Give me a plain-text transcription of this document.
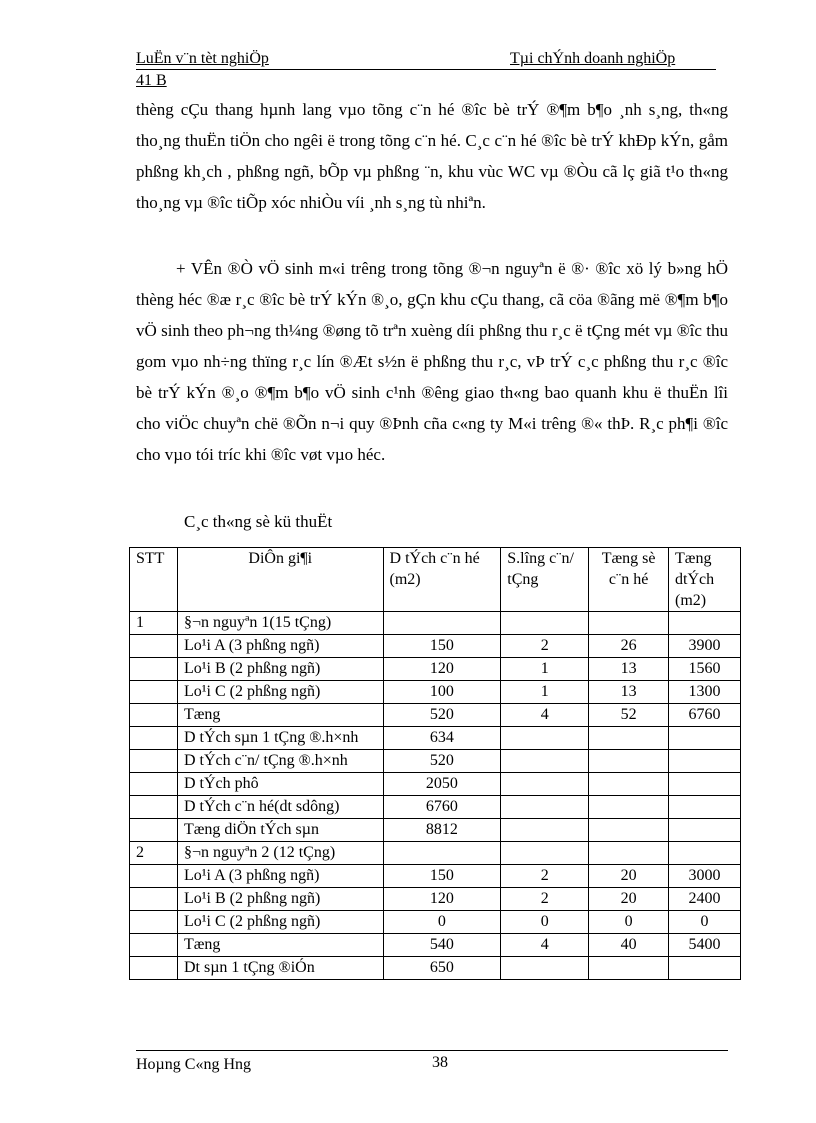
LuËn v¨n tèt nghiÖp	Tµi chÝnh doanh nghiÖp
41 B

thèng cÇu thang hµnh lang vµo tõng c¨n hé ®îc bè trÝ ®¶m b¶o ¸nh s¸ng, th«ng tho¸ng thuËn tiÖn cho ngêi ë trong tõng c¨n hé. C¸c c¨n hé ®îc bè trÝ khÐp kÝn, gåm phßng kh¸ch , phßng ngñ, bÕp vµ phßng ¨n, khu vùc WC vµ ®Òu cã lç giã t¹o th«ng tho¸ng vµ ®îc tiÕp xóc nhiÒu víi ¸nh s¸ng tù nhiªn.

+ VÊn ®Ò vÖ sinh m«i trêng trong tõng ®¬n nguyªn ë ®· ®îc xö lý b»ng hÖ thèng héc ®æ r¸c ®îc bè trÝ kÝn ®¸o, gÇn khu cÇu thang, cã cöa ®ãng më ®¶m b¶o vÖ sinh theo ph¬ng th¼ng ®øng tõ trªn xuèng díi phßng thu r¸c ë tÇng mét vµ ®îc thu gom vµo nh÷ng thïng r¸c lín ®Æt s½n ë phßng thu r¸c, vÞ trÝ c¸c phßng thu r¸c ®îc bè trÝ kÝn ®¸o ®¶m b¶o vÖ sinh c¹nh ®êng giao th«ng bao quanh khu ë thuËn lîi cho viÖc chuyªn chë ®Õn n¬i quy ®Þnh cña c«ng ty M«i trêng ®« thÞ. R¸c ph¶i ®îc cho vµo tói tríc khi ®îc vøt vµo héc.

C¸c th«ng sè kü thuËt
STT	DiÔn gi¶i	D tÝch c¨n hé (m2)	S.lîng c¨n/ tÇng	Tæng sè c¨n hé	Tæng dtÝch (m2)
1	§¬n nguyªn 1(15 tÇng)				
	Lo¹i A (3 phßng ngñ)	150	2	26	3900
	Lo¹i B (2 phßng ngñ)	120	1	13	1560
	Lo¹i C (2 phßng ngñ)	100	1	13	1300
	Tæng	520	4	52	6760
	D tÝch sµn 1 tÇng ®.h×nh	634			
	D tÝch c¨n/ tÇng ®.h×nh	520			
	D tÝch phô	2050			
	D tÝch c¨n hé(dt sdông)	6760			
	Tæng diÖn tÝch sµn	8812			
2	§¬n nguyªn 2 (12 tÇng)				
	Lo¹i A (3 phßng ngñ)	150	2	20	3000
	Lo¹i B (2 phßng ngñ)	120	2	20	2400
	Lo¹i C (2 phßng ngñ)	0	0	0	0
	Tæng	540	4	40	5400
	Dt sµn 1 tÇng ®iÓn	650			
Hoµng C«ng Hng	38
